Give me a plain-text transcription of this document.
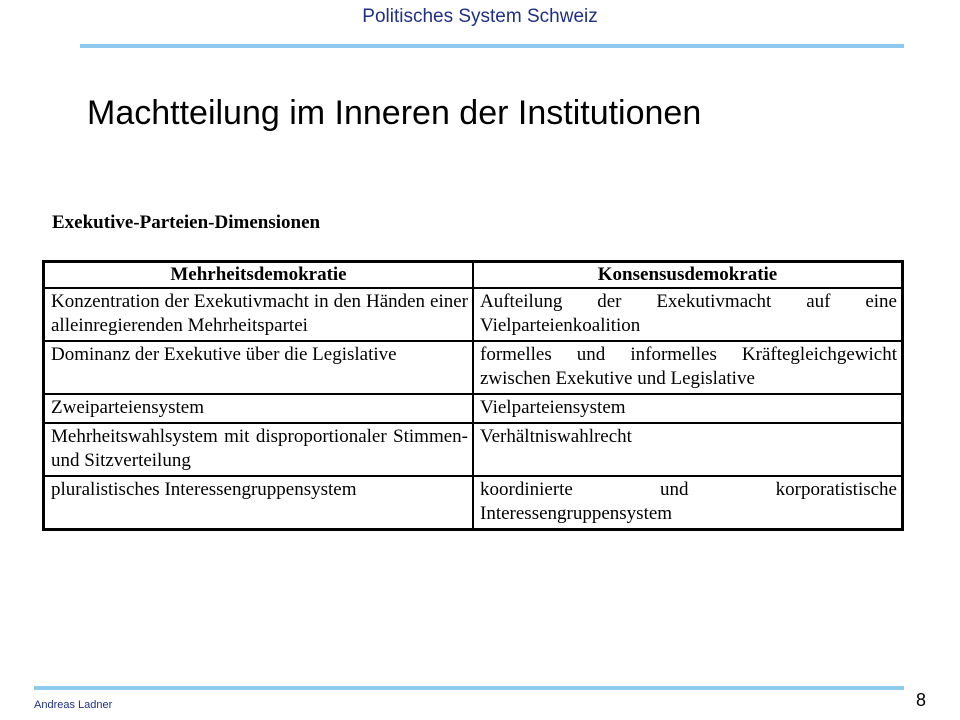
Politisches System Schweiz
Machtteilung im Inneren der Institutionen
Exekutive-Parteien-Dimensionen
Mehrheitsdemokratie	Konsensusdemokratie
Konzentration der Exekutivmacht in den Händen einer alleinregierenden Mehrheitspartei	Aufteilung der Exekutivmacht auf eine Vielparteienkoalition
Dominanz der Exekutive über die Legislative	formelles und informelles Kräftegleichgewicht zwischen Exekutive und Legislative
Zweiparteiensystem	Vielparteiensystem
Mehrheitswahlsystem mit disproportionaler Stimmen- und Sitzverteilung	Verhältniswahlrecht
pluralistisches Interessengruppensystem	koordinierte und korporatistische Interessengruppensystem
Andreas Ladner	8
